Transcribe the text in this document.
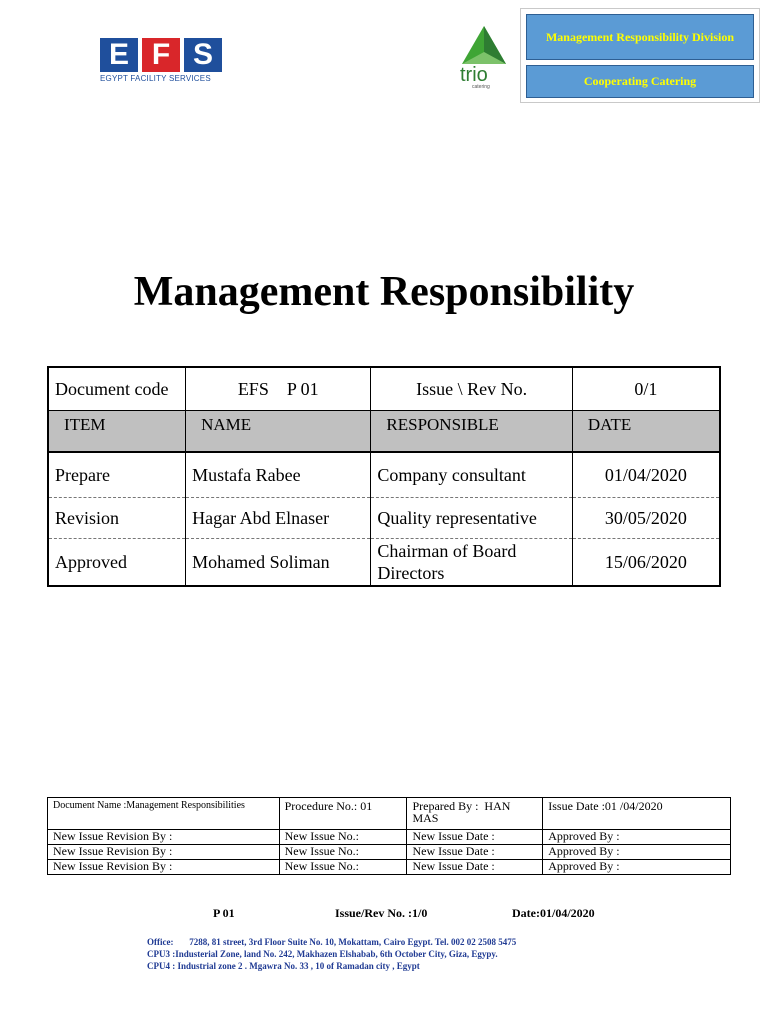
E F S
EGYPT FACILITY SERVICES	trio
catering
Management Responsibility Division
Cooperating Catering
Management Responsibility
Document code	EFS    P 01	Issue \ Rev No.	0/1
ITEM	NAME	RESPONSIBLE	DATE
Prepare	Mustafa Rabee	Company consultant	01/04/2020
Revision	Hagar Abd Elnaser	Quality representative	30/05/2020
Approved	Mohamed Soliman	Chairman of Board Directors	15/06/2020
Document Name :Management Responsibilities	Procedure No.: 01	Prepared By :  HAN     MAS	Issue Date :01 /04/2020
New Issue Revision By :	New Issue No.:	New Issue Date :	Approved By :
New Issue Revision By :	New Issue No.:	New Issue Date :	Approved By :
New Issue Revision By :	New Issue No.:	New Issue Date :	Approved By :
P 01	Issue/Rev No. :1/0	Date:01/04/2020
Office:       7288, 81 street, 3rd Floor Suite No. 10, Mokattam, Cairo Egypt. Tel. 002 02 2508 5475
CPU3 :Industerial Zone, land No. 242, Makhazen Elshabab, 6th October City, Giza, Egypy.
CPU4 : Industrial zone 2 . Mgawra No. 33 , 10 of Ramadan city , Egypt
